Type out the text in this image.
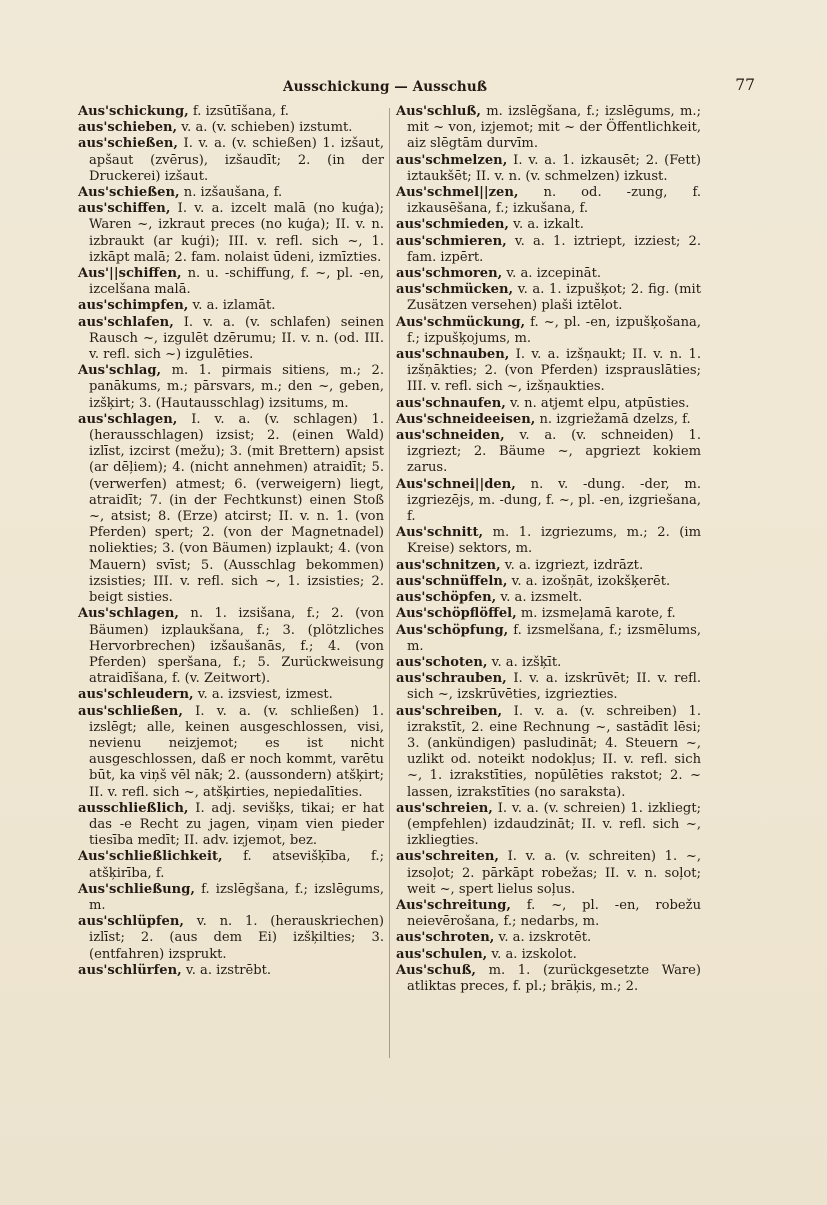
Ausschickung — Ausschuß	77

Aus'schickung, f. izsūtīšana, f.

aus'schieben, v. a. (v. schieben) izstumt.

aus'schießen, I. v. a. (v. schießen) 1. izšaut, apšaut (zvērus), izšaudīt; 2. (in der Druckerei) izšaut.

Aus'schießen, n. izšaušana, f.

aus'schiffen, I. v. a. izcelt malā (no kuģa); Waren ~, izkraut preces (no kuģa); II. v. n. izbraukt (ar kuģi); III. v. refl. sich ~, 1. izkāpt malā; 2. fam. nolaist ūdeni, izmīzties.

Aus'||schiffen, n. u. -schiffung, f. ~, pl. -en, izcelšana malā.

aus'schimpfen, v. a. izlamāt.

aus'schlafen, I. v. a. (v. schlafen) seinen Rausch ~, izgulēt dzērumu; II. v. n. (od. III. v. refl. sich ~) izgulēties.

Aus'schlag, m. 1. pirmais sitiens, m.; 2. panākums, m.; pārsvars, m.; den ~, geben, izšķirt; 3. (Hautausschlag) izsitums, m.

aus'schlagen, I. v. a. (v. schlagen) 1. (herausschlagen) izsist; 2. (einen Wald) izlīst, izcirst (mežu); 3. (mit Brettern) apsist (ar dēļiem); 4. (nicht annehmen) atraidīt; 5. (verwerfen) atmest; 6. (verweigern) liegt, atraidīt; 7. (in der Fechtkunst) einen Stoß ~, atsist; 8. (Erze) atcirst; II. v. n. 1. (von Pferden) spert; 2. (von der Magnetnadel) noliekties; 3. (von Bäumen) izplaukt; 4. (von Mauern) svīst; 5. (Ausschlag bekommen) izsisties; III. v. refl. sich ~, 1. izsisties; 2. beigt sisties.

Aus'schlagen, n. 1. izsišana, f.; 2. (von Bäumen) izplaukšana, f.; 3. (plötzliches Hervorbrechen) izšaušanās, f.; 4. (von Pferden) speršana, f.; 5. Zurückweisung atraidīšana, f. (v. Zeitwort).

aus'schleudern, v. a. izsviest, izmest.

aus'schließen, I. v. a. (v. schließen) 1. izslēgt; alle, keinen ausgeschlossen, visi, nevienu neizjemot; es ist nicht ausgeschlossen, daß er noch kommt, varētu būt, ka viņš vēl nāk; 2. (aussondern) atšķirt; II. v. refl. sich ~, atšķirties, nepiedalīties.

ausschließlich, I. adj. sevišķs, tikai; er hat das -e Recht zu jagen, viņam vien pieder tiesība medīt; II. adv. izjemot, bez.

Aus'schließlichkeit, f. atsevišķība, f.; atšķirība, f.

Aus'schließung, f. izslēgšana, f.; izslēgums, m.

aus'schlüpfen, v. n. 1. (herauskriechen) izlīst; 2. (aus dem Ei) izšķilties; 3. (entfahren) izsprukt.

aus'schlürfen, v. a. izstrēbt.

Aus'schluß, m. izslēgšana, f.; izslēgums, m.; mit ~ von, izjemot; mit ~ der Öffentlichkeit, aiz slēgtām durvīm.

aus'schmelzen, I. v. a. 1. izkausēt; 2. (Fett) iztaukšēt; II. v. n. (v. schmelzen) izkust.

Aus'schmel||zen, n. od. -zung, f. izkausēšana, f.; izkušana, f.

aus'schmieden, v. a. izkalt.

aus'schmieren, v. a. 1. iztriept, izziest; 2. fam. izpērt.

aus'schmoren, v. a. izcepināt.

aus'schmücken, v. a. 1. izpušķot; 2. fig. (mit Zusätzen versehen) plaši iztēlot.

Aus'schmückung, f. ~, pl. -en, izpušķošana, f.; izpušķojums, m.

aus'schnauben, I. v. a. izšņaukt; II. v. n. 1. izšņākties; 2. (von Pferden) izsprauslāties; III. v. refl. sich ~, izšņaukties.

aus'schnaufen, v. n. atjemt elpu, atpūsties.

Aus'schneideeisen, n. izgriežamā dzelzs, f.

aus'schneiden, v. a. (v. schneiden) 1. izgriezt; 2. Bäume ~, apgriezt kokiem zarus.

Aus'schnei||den, n. v. -dung. -der, m. izgriezējs, m. -dung, f. ~, pl. -en, izgriešana, f.

Aus'schnitt, m. 1. izgriezums, m.; 2. (im Kreise) sektors, m.

aus'schnitzen, v. a. izgriezt, izdrāzt.

aus'schnüffeln, v. a. izošņāt, izokšķerēt.

aus'schöpfen, v. a. izsmelt.

Aus'schöpflöffel, m. izsmeļamā karote, f.

Aus'schöpfung, f. izsmelšana, f.; izsmēlums, m.

aus'schoten, v. a. izšķīt.

aus'schrauben, I. v. a. izskrūvēt; II. v. refl. sich ~, izskrūvēties, izgriezties.

aus'schreiben, I. v. a. (v. schreiben) 1. izrakstīt, 2. eine Rechnung ~, sastādīt lēsi; 3. (ankündigen) pasludināt; 4. Steuern ~, uzlikt od. noteikt nodokļus; II. v. refl. sich ~, 1. izrakstīties, nopūlēties rakstot; 2. ~ lassen, izrakstīties (no saraksta).

aus'schreien, I. v. a. (v. schreien) 1. izkliegt; (empfehlen) izdaudzināt; II. v. refl. sich ~, izkliegties.

aus'schreiten, I. v. a. (v. schreiten) 1. ~, izsoļot; 2. pārkāpt robežas; II. v. n. soļot; weit ~, spert lielus soļus.

Aus'schreitung, f. ~, pl. -en, robežu neievērošana, f.; nedarbs, m.

aus'schroten, v. a. izskrotēt.

aus'schulen, v. a. izskolot.

Aus'schuß, m. 1. (zurückgesetzte Ware) atliktas preces, f. pl.; brāķis, m.; 2.
